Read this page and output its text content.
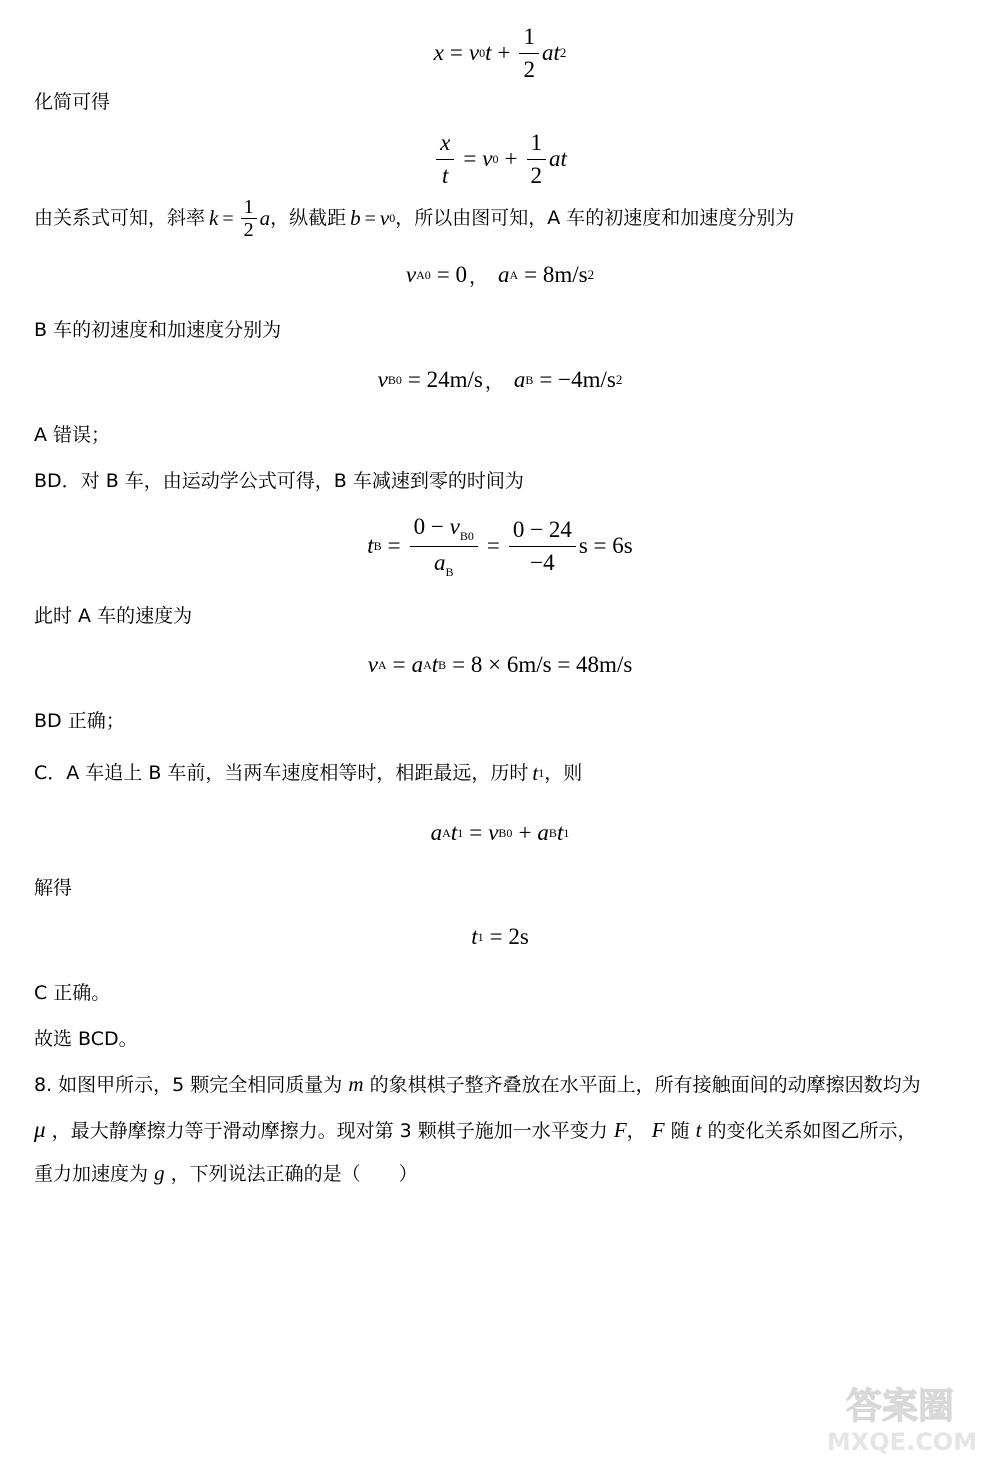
x = v 0 $t + \frac{1}{2}$ at 2
化简可得
$\frac{x}{t} = v$ $0 + \frac{1}{2}$ at
由关系式可知，斜率 $k = \frac{1}{2}$ a ，纵截距 b = v 0 ，所以由图可知，A 车的初速度和加速度分别为
v A0 = 0 ， a A = 8m/s 2
B 车的初速度和加速度分别为
v B0 = 24m/s ， a B = −4m/s 2
A 错误；
BD．对 B 车，由运动学公式可得，B 车减速到零的时间为
t $B = \frac{0 - v_{B0}}{a_B} = \frac{0 - 24}{-4}$ s = 6s
此时 A 车的速度为
v A = a A t B = 8 × 6m/s = 48m/s
BD 正确；
C．A 车追上 B 车前，当两车速度相等时，相距最远，历时 t 1 ，则
a A t 1 = v B0 + a B t 1
解得
t 1 = 2s
C 正确。
故选 BCD。
8. 如图甲所示，5 颗完全相同质量为 m 的象棋棋子整齐叠放在水平面上，所有接触面间的动摩擦因数均为
μ ，最大静摩擦力等于滑动摩擦力。现对第 3 颗棋子施加一水平变力 F， F 随 t 的变化关系如图乙所示，
重力加速度为 g ，下列说法正确的是（　　）
答案圈
MXQE.COM
